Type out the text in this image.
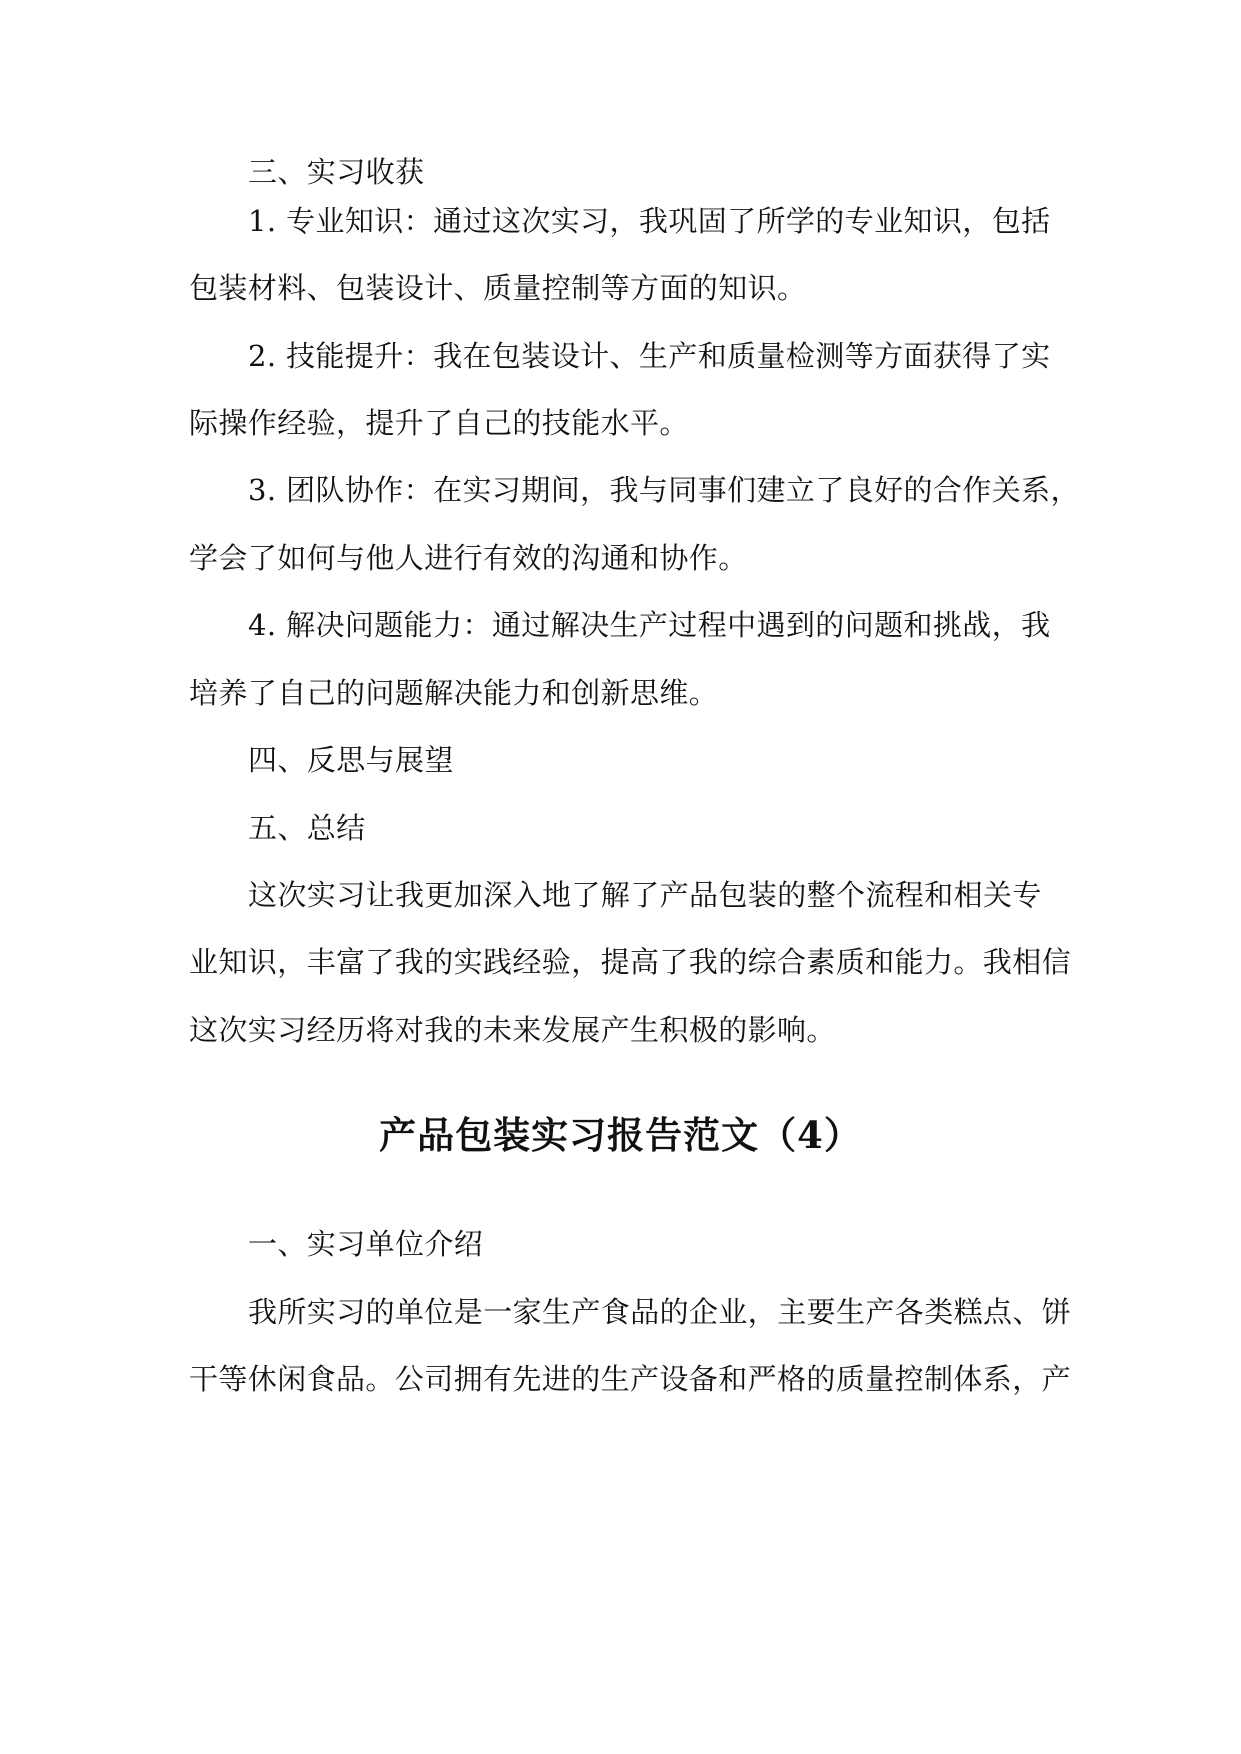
三、实习收获
1. 专业知识：通过这次实习，我巩固了所学的专业知识，包括
包装材料、包装设计、质量控制等方面的知识。
2. 技能提升：我在包装设计、生产和质量检测等方面获得了实
际操作经验，提升了自己的技能水平。
3. 团队协作：在实习期间，我与同事们建立了良好的合作关系，
学会了如何与他人进行有效的沟通和协作。
4. 解决问题能力：通过解决生产过程中遇到的问题和挑战，我
培养了自己的问题解决能力和创新思维。
四、反思与展望
五、总结
这次实习让我更加深入地了解了产品包装的整个流程和相关专
业知识，丰富了我的实践经验，提高了我的综合素质和能力。我相信
这次实习经历将对我的未来发展产生积极的影响。
产品包装实习报告范文（4）
一、实习单位介绍
我所实习的单位是一家生产食品的企业，主要生产各类糕点、饼
干等休闲食品。公司拥有先进的生产设备和严格的质量控制体系，产
